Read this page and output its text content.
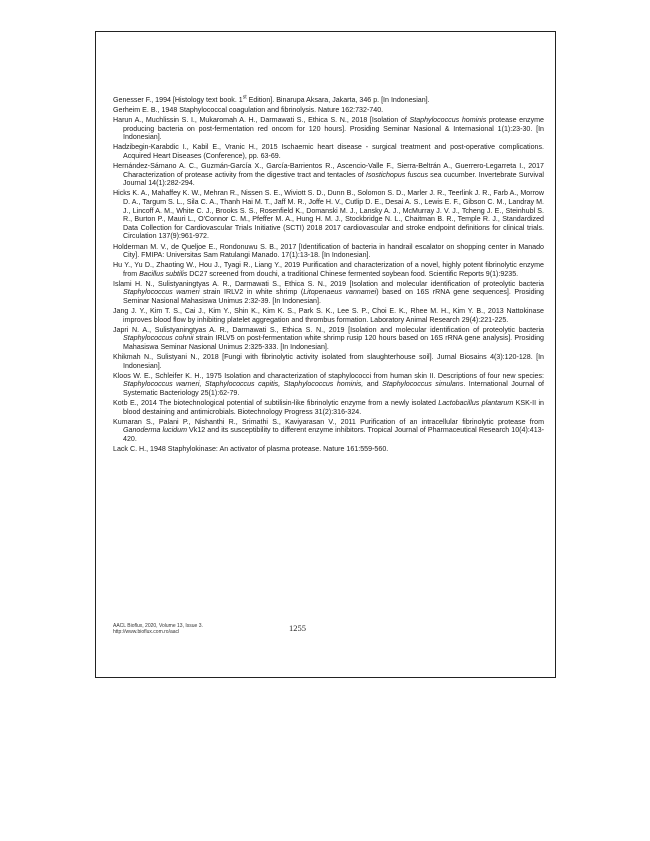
Genesser F., 1994 [Histology text book. 1st Edition]. Binarupa Aksara, Jakarta, 346 p. [In Indonesian].

Gerheim E. B., 1948 Staphylococcal coagulation and fibrinolysis. Nature 162:732-740.

Harun A., Muchlissin S. I., Mukaromah A. H., Darmawati S., Ethica S. N., 2018 [Isolation of Staphylococcus hominis protease enzyme producing bacteria on post-fermentation red oncom for 120 hours]. Prosiding Seminar Nasional & Internasional 1(1):23-30. [In Indonesian].

Hadzibegin-Karabdic I., Kabil E., Vranic H., 2015 Ischaemic heart disease - surgical treatment and post-operative complications. Acquired Heart Diseases (Conference), pp. 63-69.

Hernández-Sámano A. C., Guzmán-García X., García-Barrientos R., Ascencio-Valle F., Sierra-Beltrán A., Guerrero-Legarreta I., 2017 Characterization of protease activity from the digestive tract and tentacles of Isostichopus fuscus sea cucumber. Invertebrate Survival Journal 14(1):282-294.

Hicks K. A., Mahaffey K. W., Mehran R., Nissen S. E., Wiviott S. D., Dunn B., Solomon S. D., Marler J. R., Teerlink J. R., Farb A., Morrow D. A., Targum S. L., Sila C. A., Thanh Hai M. T., Jaff M. R., Joffe H. V., Cutlip D. E., Desai A. S., Lewis E. F., Gibson C. M., Landray M. J., Lincoff A. M., White C. J., Brooks S. S., Rosenfield K., Domanski M. J., Lansky A. J., McMurray J. V. J., Tcheng J. E., Steinhubl S. R., Burton P., Mauri L., O'Connor C. M., Pfeffer M. A., Hung H. M. J., Stockbridge N. L., Chaitman B. R., Temple R. J., Standardized Data Collection for Cardiovascular Trials Initiative (SCTI) 2018 2017 cardiovascular and stroke endpoint definitions for clinical trials. Circulation 137(9):961-972.

Holderman M. V., de Queljoe E., Rondonuwu S. B., 2017 [Identification of bacteria in handrail escalator on shopping center in Manado City]. FMIPA: Universitas Sam Ratulangi Manado. 17(1):13-18. [In Indonesian].

Hu Y., Yu D., Zhaoting W., Hou J., Tyagi R., Liang Y., 2019 Purification and characterization of a novel, highly potent fibrinolytic enzyme from Bacillus subtilis DC27 screened from douchi, a traditional Chinese fermented soybean food. Scientific Reports 9(1):9235.

Islami H. N., Sulistyaningtyas A. R., Darmawati S., Ethica S. N., 2019 [Isolation and molecular identification of proteolytic bacteria Staphylococcus warneri strain IRLV2 in white shrimp (Litopenaeus vannamei) based on 16S rRNA gene sequences]. Prosiding Seminar Nasional Mahasiswa Unimus 2:32-39. [In Indonesian].

Jang J. Y., Kim T. S., Cai J., Kim Y., Shin K., Kim K. S., Park S. K., Lee S. P., Choi E. K., Rhee M. H., Kim Y. B., 2013 Nattokinase improves blood flow by inhibiting platelet aggregation and thrombus formation. Laboratory Animal Research 29(4):221-225.

Japri N. A., Sulistyaningtyas A. R., Darmawati S., Ethica S. N., 2019 [Isolation and molecular identification of proteolytic bacteria Staphylococcus cohnii strain IRLV5 on post-fermentation white shrimp rusip 120 hours based on 16S rRNA gene analysis]. Prosiding Mahasiswa Seminar Nasional Unimus 2:325-333. [In Indonesian].

Khikmah N., Sulistyani N., 2018 [Fungi with fibrinolytic activity isolated from slaughterhouse soil]. Jurnal Biosains 4(3):120-128. [In Indonesian].

Kloos W. E., Schleifer K. H., 1975 Isolation and characterization of staphylococci from human skin II. Descriptions of four new species: Staphylococcus warneri, Staphylococcus capitis, Staphylococcus hominis, and Staphylococcus simulans. International Journal of Systematic Bacteriology 25(1):62-79.

Kotb E., 2014 The biotechnological potential of subtilisin-like fibrinolytic enzyme from a newly isolated Lactobacillus plantarum KSK-II in blood destaining and antimicrobials. Biotechnology Progress 31(2):316-324.

Kumaran S., Palani P., Nishanthi R., Srimathi S., Kaviyarasan V., 2011 Purification of an intracellular fibrinolytic protease from Ganoderma lucidum Vk12 and its susceptibility to different enzyme inhibitors. Tropical Journal of Pharmaceutical Research 10(4):413-420.

Lack C. H., 1948 Staphylokinase: An activator of plasma protease. Nature 161:559-560.

AACL Bioflux, 2020, Volume 13, Issue 3.
http://www.bioflux.com.ro/aacl	1255
